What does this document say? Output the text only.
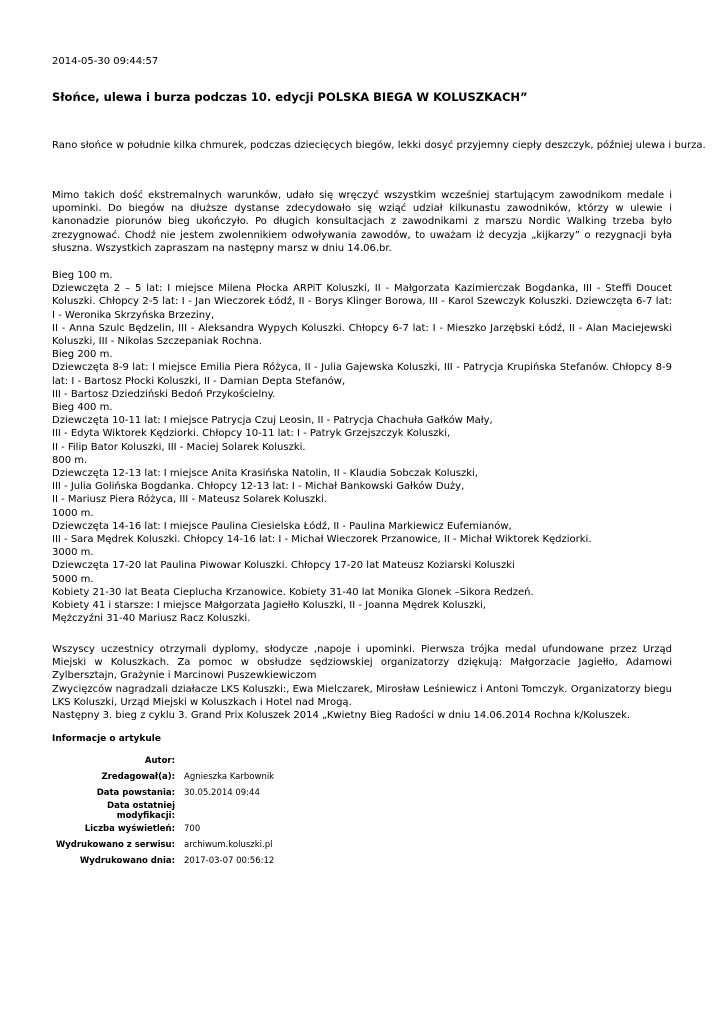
2014-05-30 09:44:57
Słońce, ulewa i burza podczas 10. edycji POLSKA BIEGA W KOLUSZKACH”
Rano słońce w południe kilka chmurek, podczas dziecięcych biegów, lekki dosyć przyjemny ciepły deszczyk, później ulewa i burza.

Mimo takich dość ekstremalnych warunków, udało się wręczyć wszystkim wcześniej startującym zawodnikom medale i upominki. Do biegów na dłuższe dystanse zdecydowało się wziąć udział kilkunastu zawodników, którzy w ulewie i kanonadzie piorunów bieg ukończyło. Po długich konsultacjach z zawodnikami z marszu Nordic Walking trzeba było zrezygnować. Chodź nie jestem zwolennikiem odwoływania zawodów, to uważam iż decyzja „kijkarzy” o rezygnacji była słuszna. Wszystkich zapraszam na następny marsz w dniu 14.06.br.

Bieg 100 m.
Dziewczęta 2 – 5 lat: I miejsce Milena Płocka ARPiT Koluszki, II - Małgorzata Kazimierczak Bogdanka, III - Steffi Doucet Koluszki. Chłopcy 2-5 lat: I - Jan Wieczorek Łódź, II - Borys Klinger Borowa, III - Karol Szewczyk Koluszki. Dziewczęta 6-7 lat: I - Weronika Skrzyńska Brzeziny,
II - Anna Szulc Będzelin, III - Aleksandra Wypych Koluszki. Chłopcy 6-7 lat: I - Mieszko Jarzębski Łódź, II - Alan Maciejewski Koluszki, III - Nikolas Szczepaniak Rochna.
Bieg 200 m.
Dziewczęta 8-9 lat: I miejsce Emilia Piera Różyca, II - Julia Gajewska Koluszki, III - Patrycja Krupińska Stefanów. Chłopcy 8-9 lat: I - Bartosz Płocki Koluszki, II - Damian Depta Stefanów,
III - Bartosz Dziedziński Bedoń Przykościelny.
Bieg 400 m.
Dziewczęta 10-11 lat: I miejsce Patrycja Czuj Leosin, II - Patrycja Chachuła Gałków Mały,
III - Edyta Wiktorek Kędziorki. Chłopcy 10-11 lat: I - Patryk Grzejszczyk Koluszki,
II - Filip Bator Koluszki, III - Maciej Solarek Koluszki.
800 m.
Dziewczęta 12-13 lat: I miejsce Anita Krasińska Natolin, II - Klaudia Sobczak Koluszki,
III - Julia Golińska Bogdanka. Chłopcy 12-13 lat: I - Michał Bankowski Gałków Duży,
II - Mariusz Piera Różyca, III - Mateusz Solarek Koluszki.
1000 m.
Dziewczęta 14-16 lat: I miejsce Paulina Ciesielska Łódź, II - Paulina Markiewicz Eufemianów,
III - Sara Mędrek Koluszki. Chłopcy 14-16 lat: I - Michał Wieczorek Przanowice, II - Michał Wiktorek Kędziorki.
3000 m.
Dziewczęta 17-20 lat Paulina Piwowar Koluszki. Chłopcy 17-20 lat Mateusz Koziarski Koluszki
5000 m.
Kobiety 21-30 lat Beata Cieplucha Krzanowice. Kobiety 31-40 lat Monika Glonek –Sikora Redzeń.
Kobiety 41 i starsze: I miejsce Małgorzata Jagiełło Koluszki, II - Joanna Mędrek Koluszki,
Mężczyźni 31-40 Mariusz Racz Koluszki.

Wszyscy uczestnicy otrzymali dyplomy, słodycze ,napoje i upominki. Pierwsza trójka medal ufundowane przez Urząd Miejski w Koluszkach. Za pomoc w obsłudze sędziowskiej organizatorzy dziękują: Małgorzacie Jagiełło, Adamowi Zylbersztajn, Grażynie i Marcinowi Puszewkiewiczom

Zwycięzców nagradzali działacze LKS Koluszki:, Ewa Mielczarek, Mirosław Leśniewicz i Antoni Tomczyk. Organizatorzy biegu LKS Koluszki, Urząd Miejski w Koluszkach i Hotel nad Mrogą.
Następny 3. bieg z cyklu 3. Grand Prix Koluszek 2014 „Kwietny Bieg Radości w dniu 14.06.2014 Rochna k/Koluszek.
Informacje o artykule
Autor:	
Zredagował(a):	Agnieszka Karbownik
Data powstania:	30.05.2014 09:44
Data ostatniej modyfikacji:	
Liczba wyświetleń:	700
Wydrukowano z serwisu:	archiwum.koluszki.pl
Wydrukowano dnia:	2017-03-07 00:56:12
